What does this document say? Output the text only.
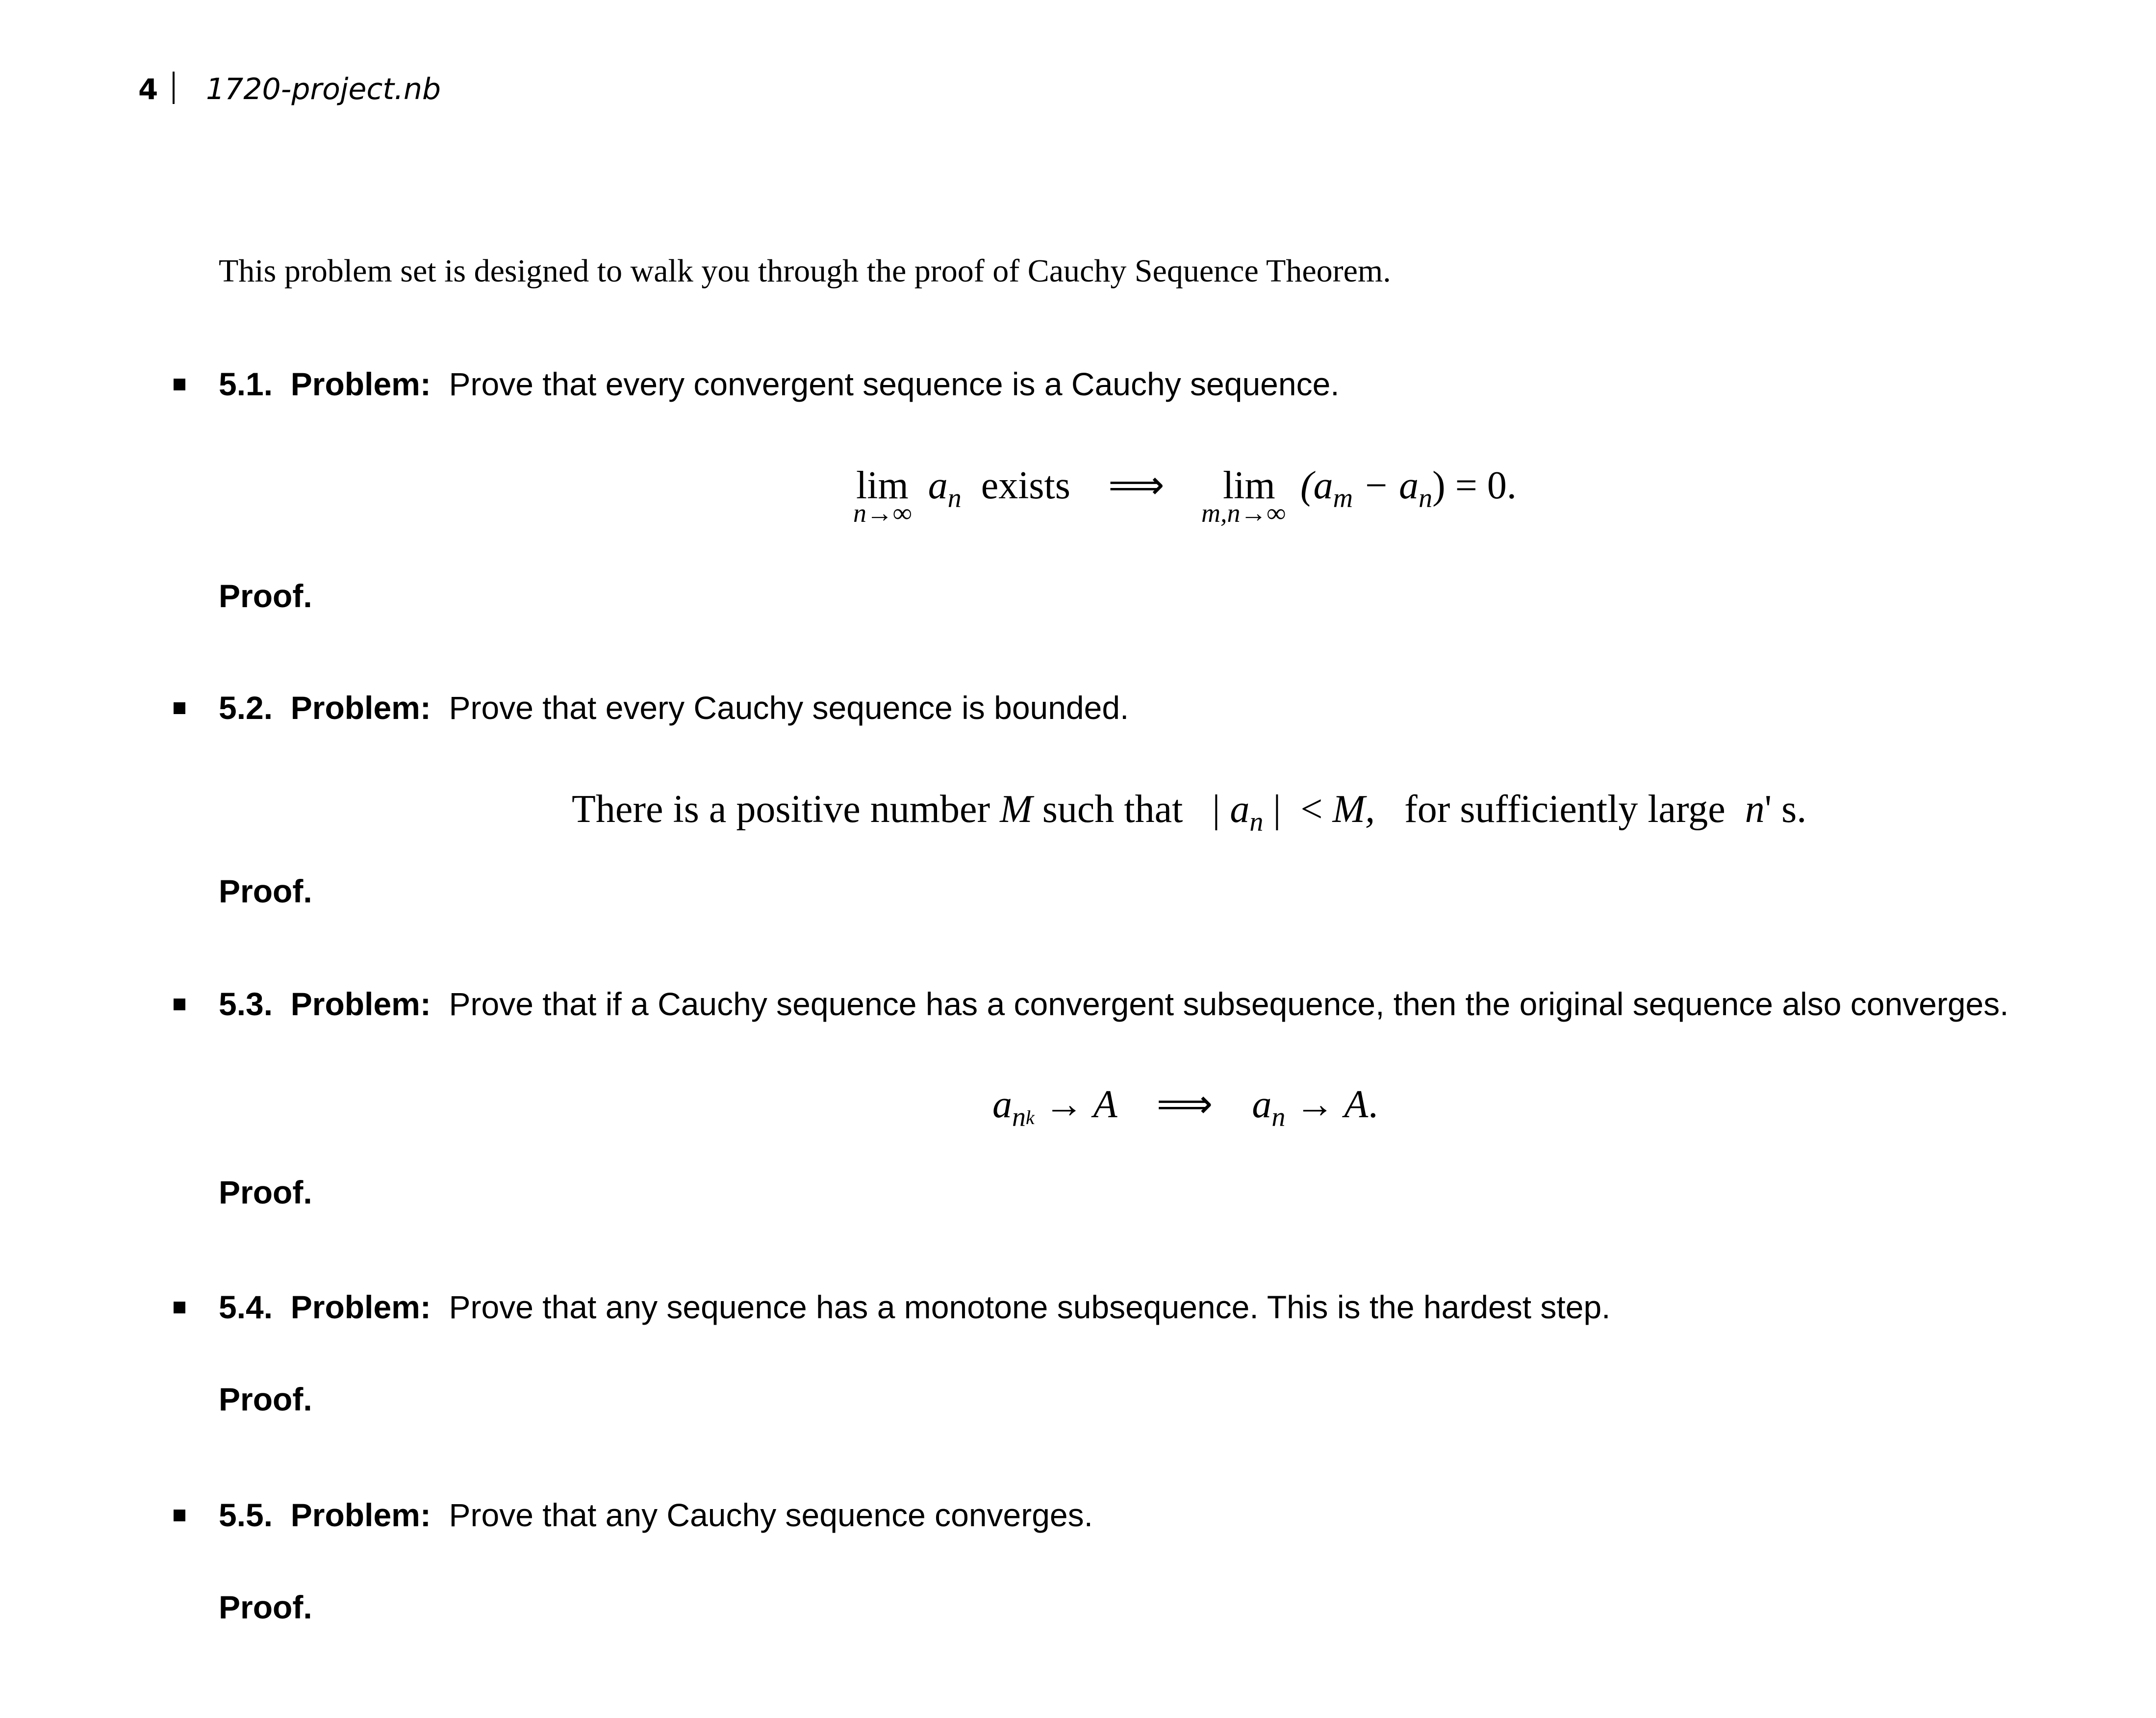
4 1720-project.nb
This problem set is designed to walk you through the proof of Cauchy Sequence Theorem.
5.1. Problem: Prove that every convergent sequence is a Cauchy sequence.
$\lim a_n$ exists
n→∞
⟹ lim
m,n→∞
$(a_m - a_n) = 0$.
Proof.
5.2. Problem: Prove that every Cauchy sequence is bounded.
There is a positive number M such that | $a_n$ | < M, for sufficiently large n' s.
Proof.
5.3. Problem: Prove that if a Cauchy sequence has a convergent subsequence, then the original sequence also converges.
$a_nk \to A$ ⟹ $a_n \to A$.
Proof.
5.4. Problem: Prove that any sequence has a monotone subsequence. This is the hardest step.
Proof.
5.5. Problem: Prove that any Cauchy sequence converges.
Proof.
